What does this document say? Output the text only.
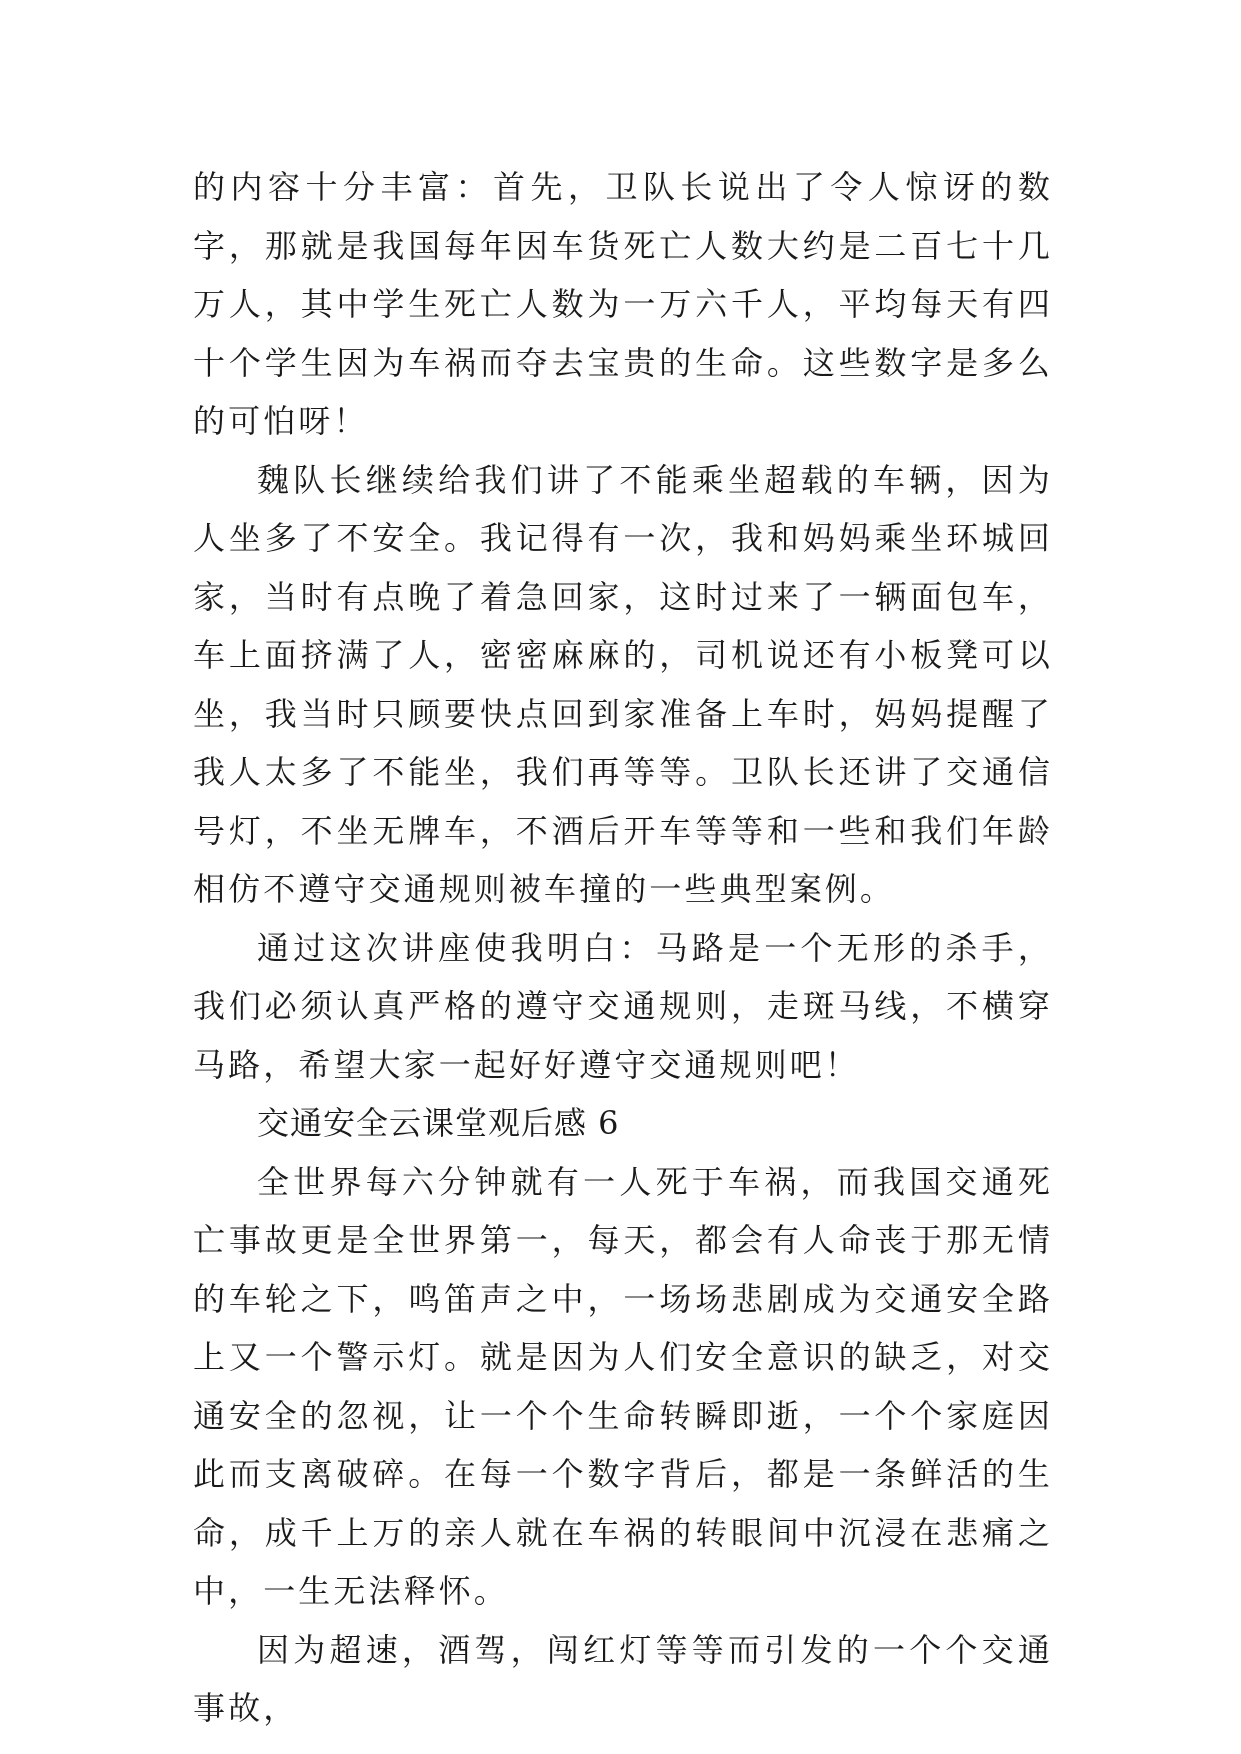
的内容十分丰富：首先，卫队长说出了令人惊讶的数字，那就是我国每年因车货死亡人数大约是二百七十几万人，其中学生死亡人数为一万六千人，平均每天有四十个学生因为车祸而夺去宝贵的生命。这些数字是多么的可怕呀！

魏队长继续给我们讲了不能乘坐超载的车辆，因为人坐多了不安全。我记得有一次，我和妈妈乘坐环城回家，当时有点晚了着急回家，这时过来了一辆面包车，车上面挤满了人，密密麻麻的，司机说还有小板凳可以坐，我当时只顾要快点回到家准备上车时，妈妈提醒了我人太多了不能坐，我们再等等。卫队长还讲了交通信号灯，不坐无牌车，不酒后开车等等和一些和我们年龄相仿不遵守交通规则被车撞的一些典型案例。

通过这次讲座使我明白：马路是一个无形的杀手，我们必须认真严格的遵守交通规则，走斑马线，不横穿马路，希望大家一起好好遵守交通规则吧！

交通安全云课堂观后感 6

全世界每六分钟就有一人死于车祸，而我国交通死亡事故更是全世界第一，每天，都会有人命丧于那无情的车轮之下，鸣笛声之中，一场场悲剧成为交通安全路上又一个警示灯。就是因为人们安全意识的缺乏，对交通安全的忽视，让一个个生命转瞬即逝，一个个家庭因此而支离破碎。在每一个数字背后，都是一条鲜活的生命，成千上万的亲人就在车祸的转眼间中沉浸在悲痛之中，一生无法释怀。

因为超速，酒驾，闯红灯等等而引发的一个个交通事故，
